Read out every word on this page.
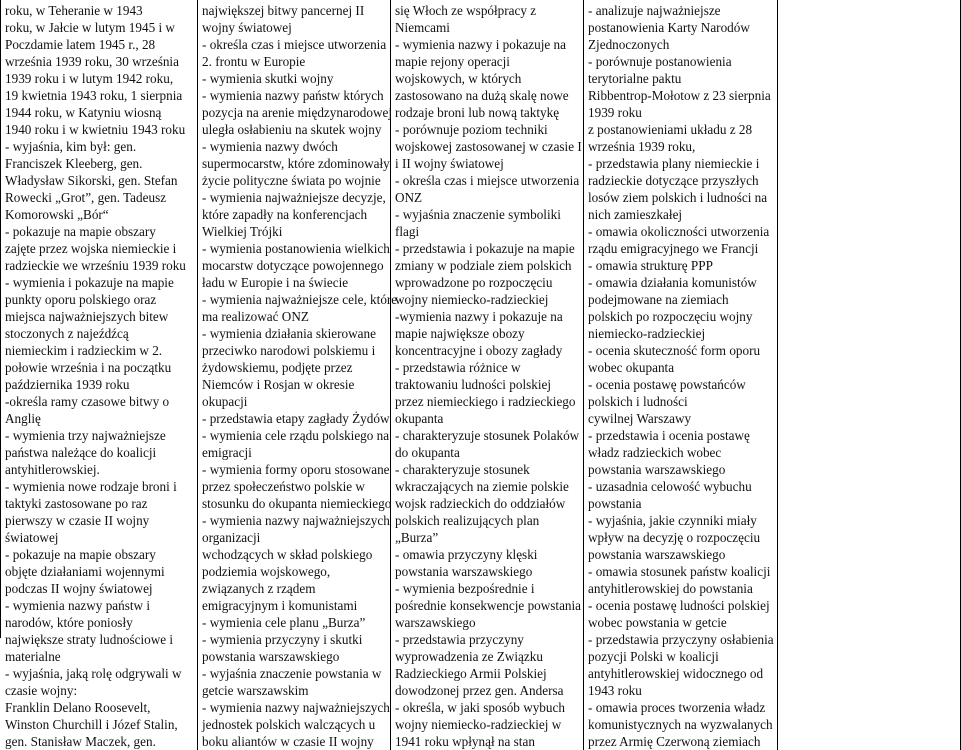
roku, w Teheranie w 1943

roku, w Jałcie w lutym 1945 i w

Poczdamie latem 1945 r., 28

września 1939 roku, 30 września

1939 roku i w lutym 1942 roku,

19 kwietnia 1943 roku, 1 sierpnia

1944 roku, w Katyniu wiosną

1940 roku i w kwietniu 1943 roku

- wyjaśnia, kim był: gen.

Franciszek Kleeberg, gen.

Władysław Sikorski, gen. Stefan

Rowecki „Grot”, gen. Tadeusz

Komorowski „Bór“

- pokazuje na mapie obszary

zajęte przez wojska niemieckie i

radzieckie we wrześniu 1939 roku

- wymienia i pokazuje na mapie

punkty oporu polskiego oraz

miejsca najważniejszych bitew

stoczonych z najeźdźcą

niemieckim i radzieckim w 2.

połowie września i na początku

października 1939 roku

-określa ramy czasowe bitwy o

Anglię

- wymienia trzy najważniejsze

państwa należące do koalicji

antyhitlerowskiej.

- wymienia nowe rodzaje broni i

taktyki zastosowane po raz

pierwszy w czasie II wojny

światowej

- pokazuje na mapie obszary

objęte działaniami wojennymi

podczas II wojny światowej

- wymienia nazwy państw i

narodów, które poniosły

największe straty ludnościowe i

materialne

- wyjaśnia, jaką rolę odgrywali w

czasie wojny:

Franklin Delano Roosevelt,

Winston Churchill i Józef Stalin,

gen. Stanisław Maczek, gen.

największej bitwy pancernej II

wojny światowej

- określa czas i miejsce utworzenia

2. frontu w Europie

- wymienia skutki wojny

- wymienia nazwy państw których

pozycja na arenie międzynarodowej

uległa osłabieniu na skutek wojny

- wymienia nazwy dwóch

supermocarstw, które zdominowały

życie polityczne świata po wojnie

- wymienia najważniejsze decyzje,

które zapadły na konferencjach

Wielkiej Trójki

- wymienia postanowienia wielkich

mocarstw dotyczące powojennego

ładu w Europie i na świecie

- wymienia najważniejsze cele, które

ma realizować ONZ

- wymienia działania skierowane

przeciwko narodowi polskiemu i

żydowskiemu, podjęte przez

Niemców i Rosjan w okresie

okupacji

- przedstawia etapy zagłady Żydów

- wymienia cele rządu polskiego na

emigracji

- wymienia formy oporu stosowane

przez społeczeństwo polskie w

stosunku do okupanta niemieckiego

- wymienia nazwy najważniejszych

organizacji

wchodzących w skład polskiego

podziemia wojskowego,

związanych z rządem

emigracyjnym i komunistami

- wymienia cele planu „Burza”

- wymienia przyczyny i skutki

powstania warszawskiego

- wyjaśnia znaczenie powstania w

getcie warszawskim

- wymienia nazwy najważniejszych

jednostek polskich walczących u

boku aliantów w czasie II wojny

się Włoch ze współpracy z

Niemcami

- wymienia nazwy i pokazuje na

mapie rejony operacji

wojskowych, w których

zastosowano na dużą skalę nowe

rodzaje broni lub nową taktykę

- porównuje poziom techniki

wojskowej zastosowanej w czasie I

i II wojny światowej

- określa czas i miejsce utworzenia

ONZ

- wyjaśnia znaczenie symboliki

flagi

- przedstawia i pokazuje na mapie

zmiany w podziale ziem polskich

wprowadzone po rozpoczęciu

wojny niemiecko-radzieckiej

-wymienia nazwy i pokazuje na

mapie największe obozy

koncentracyjne i obozy zagłady

- przedstawia różnice w

traktowaniu ludności polskiej

przez niemieckiego i radzieckiego

okupanta

- charakteryzuje stosunek Polaków

do okupanta

- charakteryzuje stosunek

wkraczających na ziemie polskie

wojsk radzieckich do oddziałów

polskich realizujących plan

„Burza”

- omawia przyczyny klęski

powstania warszawskiego

- wymienia bezpośrednie i

pośrednie konsekwencje powstania

warszawskiego

- przedstawia przyczyny

wyprowadzenia ze Związku

Radzieckiego Armii Polskiej

dowodzonej przez gen. Andersa

- określa, w jaki sposób wybuch

wojny niemiecko-radzieckiej w

1941 roku wpłynął na stan

- analizuje najważniejsze

postanowienia Karty Narodów

Zjednoczonych

- porównuje postanowienia

terytorialne paktu

Ribbentrop-Mołotow z 23 sierpnia

1939 roku

z postanowieniami układu z 28

września 1939 roku,

- przedstawia plany niemieckie i

radzieckie dotyczące przyszłych

losów ziem polskich i ludności na

nich zamieszkałej

- omawia okoliczności utworzenia

rządu emigracyjnego we Francji

- omawia strukturę PPP

- omawia działania komunistów

podejmowane na ziemiach

polskich po rozpoczęciu wojny

niemiecko-radzieckiej

- ocenia skuteczność form oporu

wobec okupanta

- ocenia postawę powstańców

polskich i ludności

cywilnej Warszawy

- przedstawia i ocenia postawę

władz radzieckich wobec

powstania warszawskiego

- uzasadnia celowość wybuchu

powstania

- wyjaśnia, jakie czynniki miały

wpływ na decyzję o rozpoczęciu

powstania warszawskiego

- omawia stosunek państw koalicji

antyhitlerowskiej do powstania

- ocenia postawę ludności polskiej

wobec powstania w getcie

- przedstawia przyczyny osłabienia

pozycji Polski w koalicji

antyhitlerowskiej widocznego od

1943 roku

- omawia proces tworzenia władz

komunistycznych na wyzwalanych

przez Armię Czerwoną ziemiach
